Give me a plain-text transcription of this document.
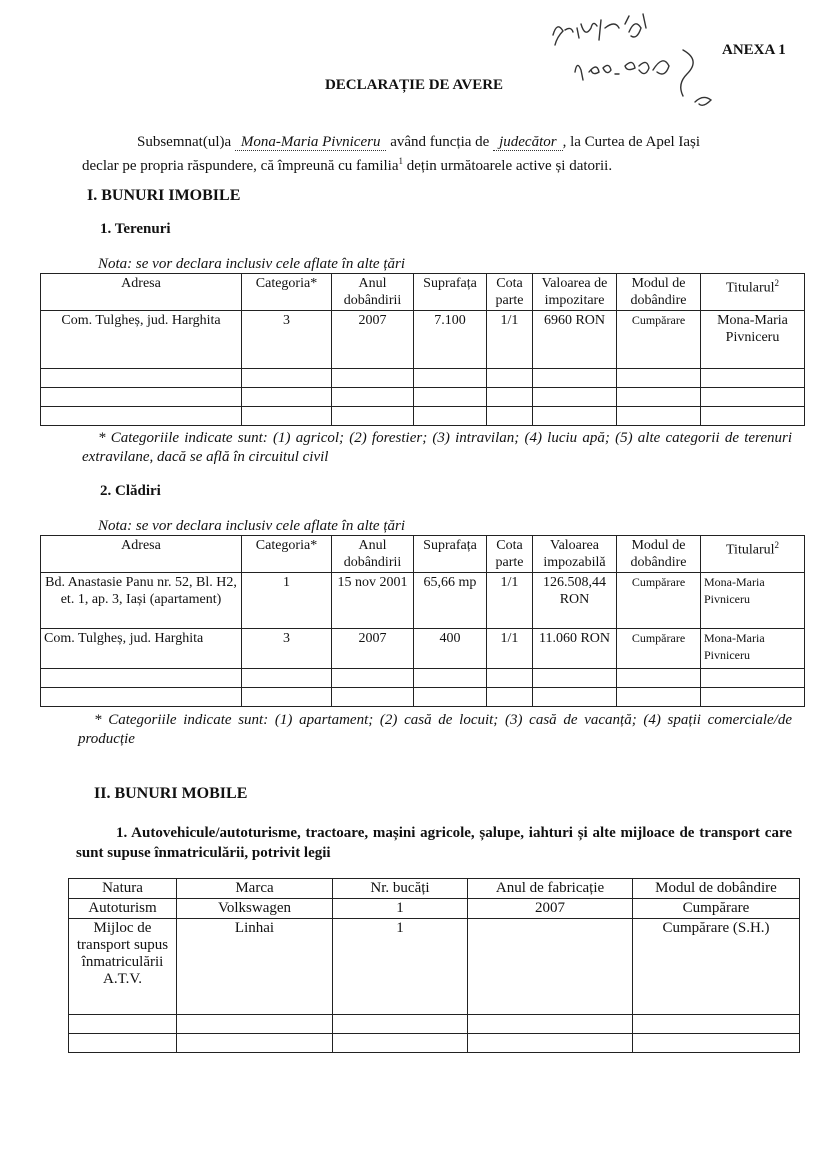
ANEXA 1
DECLARAȚIE DE AVERE
Subsemnat(ul)a Mona-Maria Pivniceru având funcția de judecător , la Curtea de Apel Iași
declar pe propria răspundere, că împreună cu familia$^1$ dețin următoarele active și datorii.
I. BUNURI IMOBILE
1. Terenuri
Nota: se vor declara inclusiv cele aflate în alte țări
Adresa	Categoria*	Anul dobândirii	Suprafața	Cota parte	Valoarea de impozitare	Modul de dobândire	Titularul$^2$
Com. Tulgheș, jud. Harghita	3	2007	7.100	1/1	6960 RON	Cumpărare	Mona-Maria Pivniceru

* Categoriile indicate sunt: (1) agricol; (2) forestier; (3) intravilan; (4) luciu apă; (5) alte categorii de terenuri extravilane, dacă se află în circuitul civil
2. Clădiri
Nota: se vor declara inclusiv cele aflate în alte țări
Adresa	Categoria*	Anul dobândirii	Suprafața	Cota parte	Valoarea impozabilă	Modul de dobândire	Titularul$^2$
Bd. Anastasie Panu nr. 52, Bl. H2, et. 1, ap. 3, Iași (apartament)	1	15 nov 2001	65,66 mp	1/1	126.508,44 RON	Cumpărare	Mona-Maria Pivniceru
Com. Tulgheș, jud. Harghita	3	2007	400	1/1	11.060 RON	Cumpărare	Mona-Maria Pivniceru

* Categoriile indicate sunt: (1) apartament; (2) casă de locuit; (3) casă de vacanță; (4) spații comerciale/de producție
II. BUNURI MOBILE
1. Autovehicule/autoturisme, tractoare, mașini agricole, șalupe, iahturi și alte mijloace de transport care sunt supuse înmatriculării, potrivit legii
Natura	Marca	Nr. bucăți	Anul de fabricație	Modul de dobândire
Autoturism	Volkswagen	1	2007	Cumpărare
Mijloc de transport supus înmatriculării A.T.V.	Linhai	1		Cumpărare (S.H.)
